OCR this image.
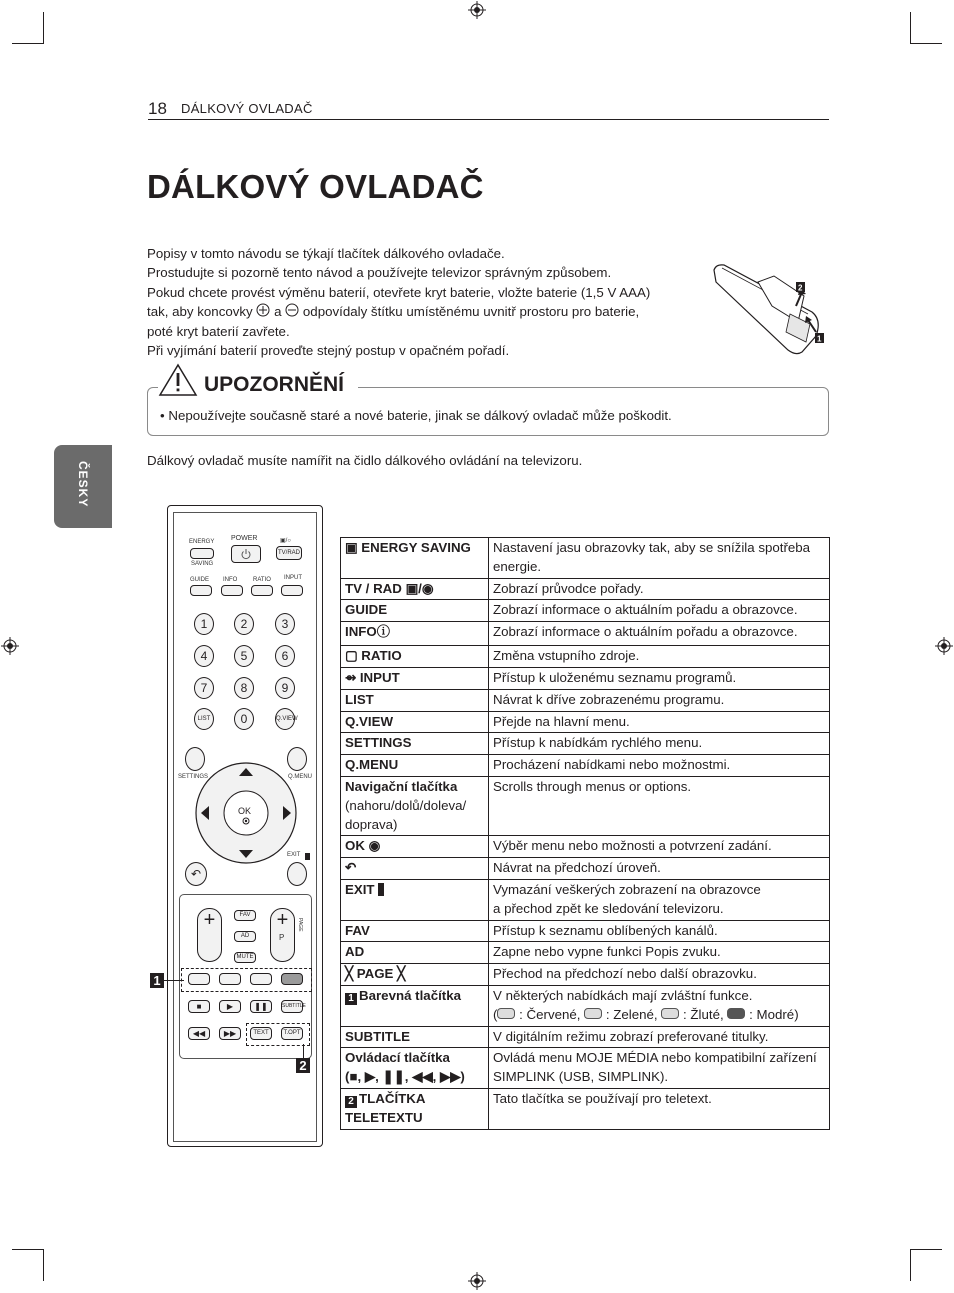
18 DÁLKOVÝ OVLADAČ
DÁLKOVÝ OVLADAČ

Popisy v tomto návodu se týkají tlačítek dálkového ovladače.

Prostudujte si pozorně tento návod a používejte televizor správným způsobem.

Pokud chcete provést výměnu baterií, otevřete kryt baterie, vložte baterie (1,5 V AAA)

tak, aby koncovky a odpovídaly štítku umístěnému uvnitř prostoru pro baterie,

poté kryt baterií zavřete.

Při vyjímání baterií proveďte stejný postup v opačném pořadí.

2
1
UPOZORNĚNÍ
• Nepoužívejte současně staré a nové baterie, jinak se dálkový ovladač může poškodit.
Dálkový ovladač musíte namířit na čidlo dálkového ovládání na televizoru.
ČESKY
ENERGY
SAVING
POWER	▣/○
TV/RAD
GUIDE INFO	RATIO INPUT
1	2	3
4	5	6
7	8	9
LIST	0	Q.VIEW
SETTINGS	Q.MENU
OK
EXIT
↶
+	+
P
PAGE
FAV
AD
MUTE
1
■	▶	❚❚	SUBTITLE
◀◀	▶▶	TEXT	T.OPT
2
▣ ENERGY SAVING	Nastavení jasu obrazovky tak, aby se snížila spotřeba energie.
TV / RAD ▣/◉	Zobrazí průvodce pořady.
GUIDE	Zobrazí informace o aktuálním pořadu a obrazovce.
INFOⓘ	Zobrazí informace o aktuálním pořadu a obrazovce.
▢ RATIO	Změna vstupního zdroje.
⇴ INPUT	Přístup k uloženému seznamu programů.
LIST	Návrat k dříve zobrazenému programu.
Q.VIEW	Přejde na hlavní menu.
SETTINGS	Přístup k nabídkám rychlého menu.
Q.MENU	Procházení nabídkami nebo možnostmi.
Navigační tlačítka
(nahoru/dolů/doleva/ doprava)	Scrolls through menus or options.
OK ◉	Výběr menu nebo možnosti a potvrzení zadání.
↶	Návrat na předchozí úroveň.
EXIT	Vymazání veškerých zobrazení na obrazovce
a přechod zpět ke sledování televizoru.
FAV	Přístup k seznamu oblíbených kanálů.
AD	Zapne nebo vypne funkci Popis zvuku.
╳ PAGE ╳	Přechod na předchozí nebo další obrazovku.
1 Barevná tlačítka	V některých nabídkách mají zvláštní funkce.
( : Červené, : Zelené, : Žluté, : Modré)
SUBTITLE	V digitálním režimu zobrazí preferované titulky.
Ovládací tlačítka
(■, ▶, ❚❚, ◀◀, ▶▶)	Ovládá menu MOJE MÉDIA nebo kompatibilní zařízení SIMPLINK (USB, SIMPLINK).
2 TLAČÍTKA TELETEXTU	Tato tlačítka se používají pro teletext.
